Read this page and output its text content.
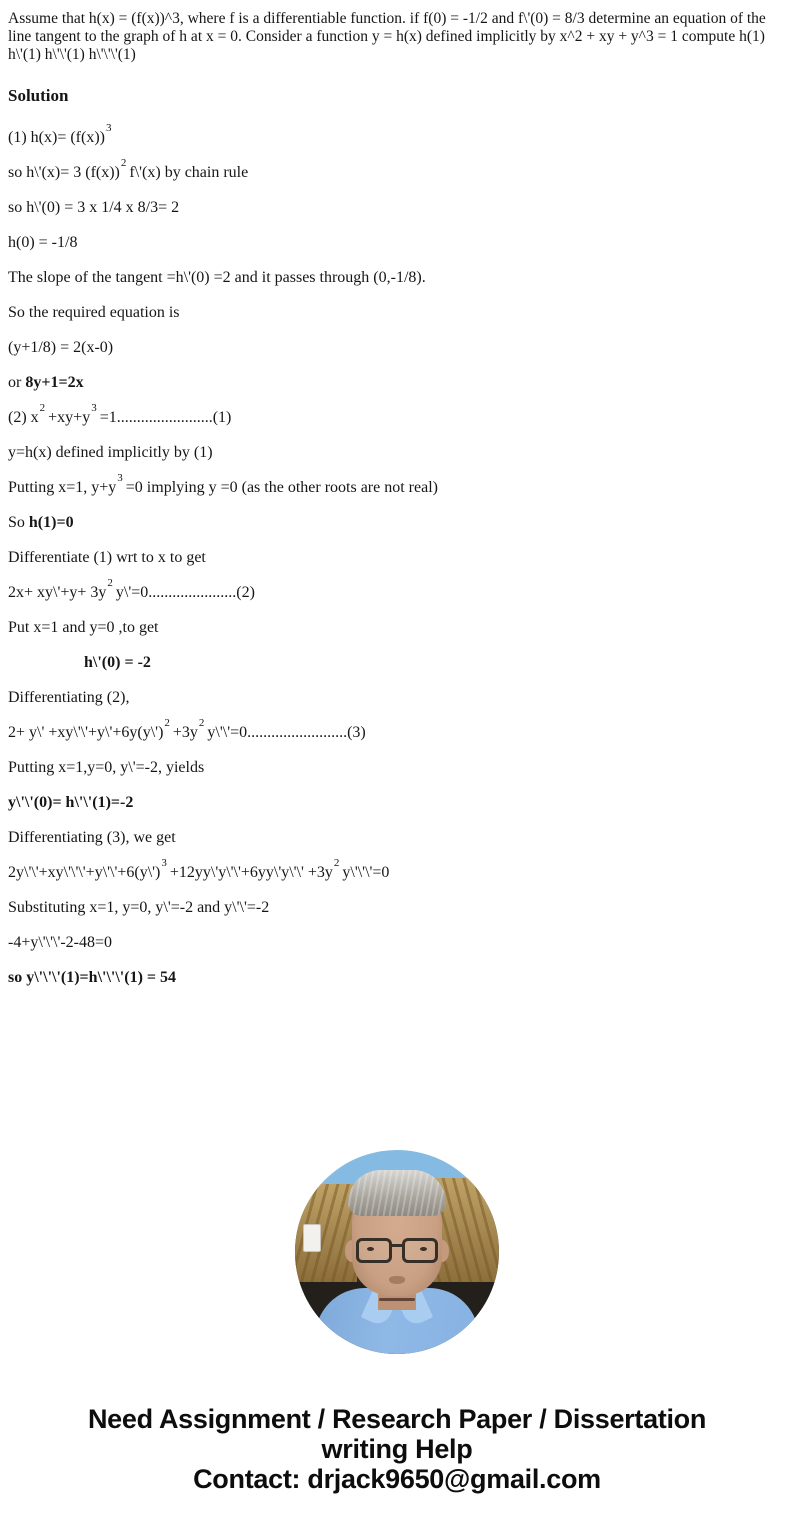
Assume that h(x) = (f(x))^3, where f is a differentiable function. if f(0) = -1/2 and f\'(0) = 8/3 determine an equation of the line tangent to the graph of h at x = 0. Consider a function y = h(x) defined implicitly by x^2 + xy + y^3 = 1 compute h(1) h\'(1) h\'\'(1) h\'\'\'(1)

Solution

(1) $h(x)= (f(x))^3$

so h\'(x)= 3 $(f(x))^2$ f\'(x) by chain rule

so h\'(0) = 3 x 1/4 x 8/3= 2

h(0) = -1/8

The slope of the tangent =h\'(0) =2 and it passes through (0,-1/8).

So the required equation is

(y+1/8) = 2(x-0)

or 8y+1=2x

(2) $x^2 +xy+y^3 =1........................(1)$

y=h(x) defined implicitly by (1)

Putting x=1, $y+y^3 =0$ implying y =0 (as the other roots are not real)

So h(1)=0

Differentiate (1) wrt to x to get

2x+ xy\'+y+ $3y^2$ y\'=0......................(2)

Put x=1 and y=0 ,to get

h\'(0) = -2

Differentiating (2),

2+ y\' +xy\'\'+y\'+6y(y\')$^2$ $+3y^2$ y\'\'=0.........................(3)

Putting x=1,y=0, y\'=-2, yields

y\'\'(0)= h\'\'(1)=-2

Differentiating (3), we get

2y\'\'+xy\'\'\'+y\'\'+6(y\')$^3$ +12yy\'y\'\'+6yy\'y\'\' $+3y^2$ y\'\'\'=0

Substituting x=1, y=0, y\'=-2 and y\'\'=-2

-4+y\'\'\'-2-48=0

so y\'\'\'(1)=h\'\'\'(1) = 54

Need Assignment / Research Paper / Dissertation
writing Help
Contact: drjack9650@gmail.com
